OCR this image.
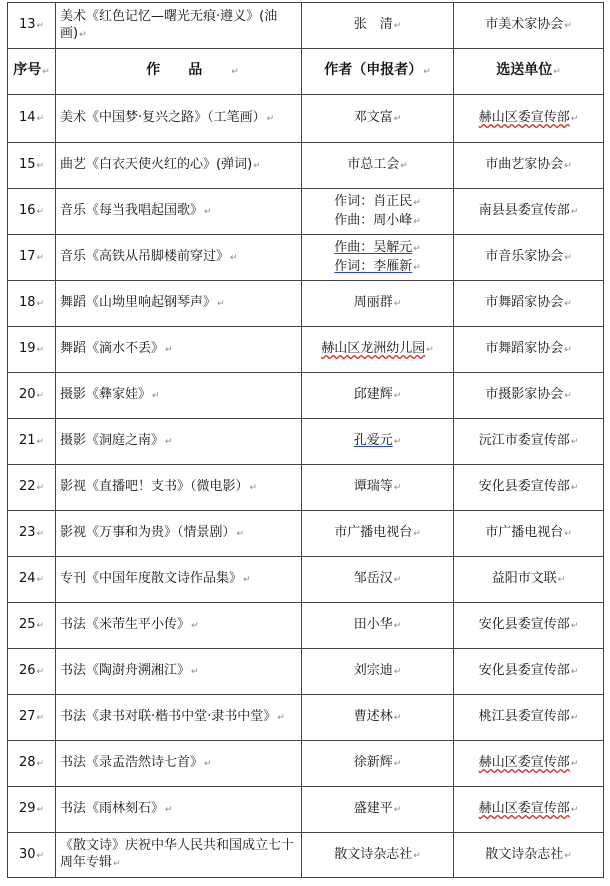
13↵	美术《红色记忆—曙光无痕·遵义》(油画)↵	张　清↵	市美术家协会↵
序号↵	作品↵	作者（申报者）↵	选送单位↵
14↵	美术《中国梦·复兴之路》（工笔画）↵	邓文富↵	赫山区委宣传部↵
15↵	曲艺《白衣天使火红的心》(弹词)↵	市总工会↵	市曲艺家协会↵
16↵	音乐《每当我唱起国歌》↵	作词：肖正民↵
作曲：周小峰↵	南县县委宣传部↵
17↵	音乐《高铁从吊脚楼前穿过》↵	作曲：吴解元↵
作词：李雁新↵	市音乐家协会↵
18↵	舞蹈《山坳里响起钢琴声》↵	周丽群↵	市舞蹈家协会↵
19↵	舞蹈《滴水不丢》↵	赫山区龙洲幼儿园↵	市舞蹈家协会↵
20↵	摄影《彝家娃》↵	邱建辉↵	市摄影家协会↵
21↵	摄影《洞庭之南》↵	孔爱元↵	沅江市委宣传部↵
22↵	影视《直播吧！支书》（微电影）↵	谭瑞等↵	安化县委宣传部↵
23↵	影视《万事和为贵》（情景剧）↵	市广播电视台↵	市广播电视台↵
24↵	专刊《中国年度散文诗作品集》↵	邹岳汉↵	益阳市文联↵
25↵	书法《米芾生平小传》↵	田小华↵	安化县委宣传部↵
26↵	书法《陶澍舟溯湘江》↵	刘宗迪↵	安化县委宣传部↵
27↵	书法《隶书对联·楷书中堂·隶书中堂》↵	曹述林↵	桃江县委宣传部↵
28↵	书法《录孟浩然诗七首》↵	徐新辉↵	赫山区委宣传部↵
29↵	书法《雨林刻石》↵	盛建平↵	赫山区委宣传部↵
30↵	《散文诗》庆祝中华人民共和国成立七十周年专辑↵	散文诗杂志社↵	散文诗杂志社↵
